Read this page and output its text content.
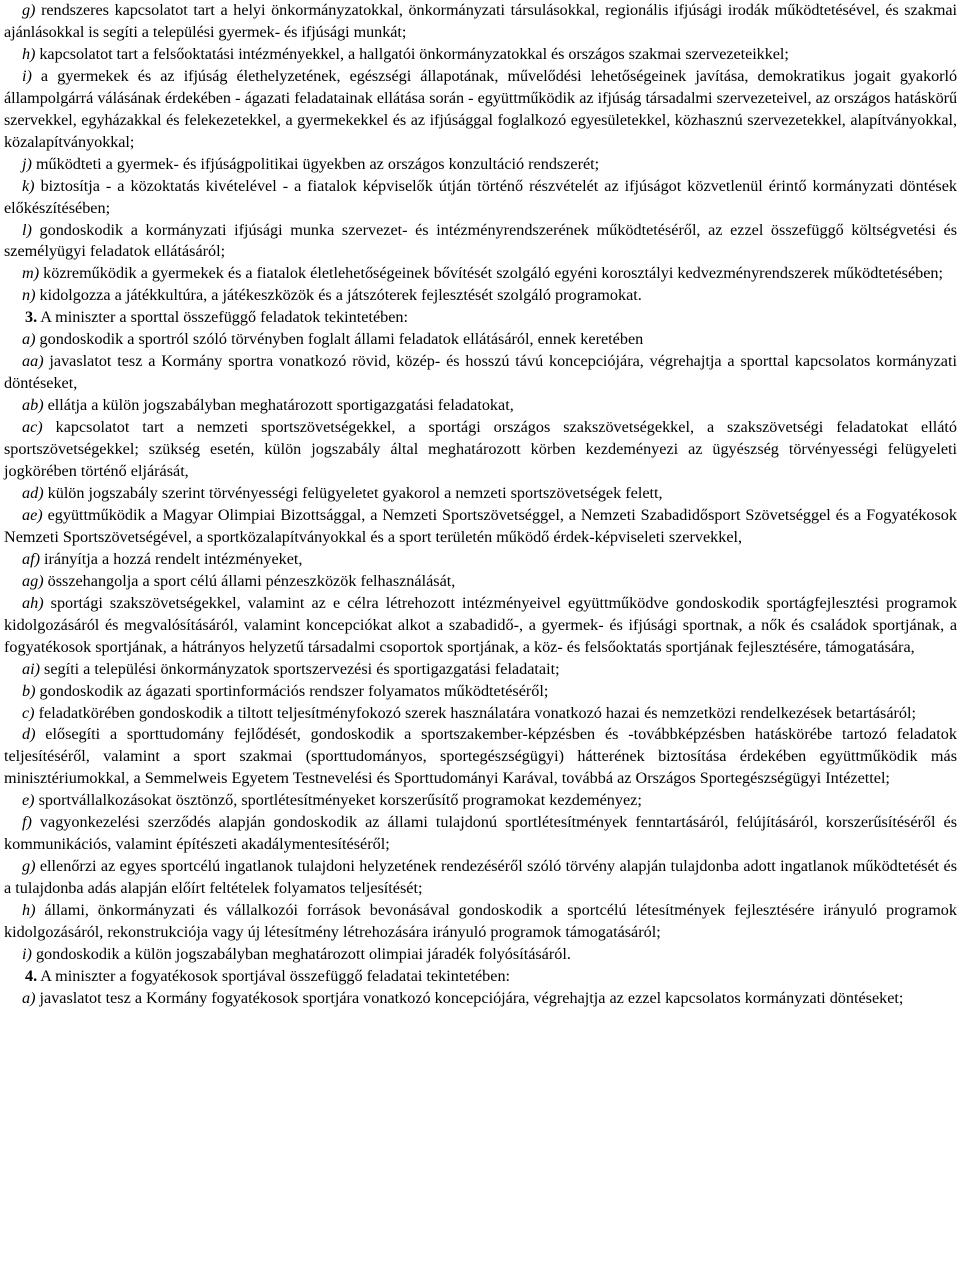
g) rendszeres kapcsolatot tart a helyi önkormányzatokkal, önkormányzati társulásokkal, regionális ifjúsági irodák működtetésével, és szakmai ajánlásokkal is segíti a települési gyermek- és ifjúsági munkát;

h) kapcsolatot tart a felsőoktatási intézményekkel, a hallgatói önkormányzatokkal és országos szakmai szervezeteikkel;

i) a gyermekek és az ifjúság élethelyzetének, egészségi állapotának, művelődési lehetőségeinek javítása, demokratikus jogait gyakorló állampolgárrá válásának érdekében - ágazati feladatainak ellátása során - együttműködik az ifjúság társadalmi szervezeteivel, az országos hatáskörű szervekkel, egyházakkal és felekezetekkel, a gyermekekkel és az ifjúsággal foglalkozó egyesületekkel, közhasznú szervezetekkel, alapítványokkal, közalapítványokkal;

j) működteti a gyermek- és ifjúságpolitikai ügyekben az országos konzultáció rendszerét;

k) biztosítja - a közoktatás kivételével - a fiatalok képviselők útján történő részvételét az ifjúságot közvetlenül érintő kormányzati döntések előkészítésében;

l) gondoskodik a kormányzati ifjúsági munka szervezet- és intézményrendszerének működtetéséről, az ezzel összefüggő költségvetési és személyügyi feladatok ellátásáról;

m) közreműködik a gyermekek és a fiatalok életlehetőségeinek bővítését szolgáló egyéni korosztályi kedvezményrendszerek működtetésében;

n) kidolgozza a játékkultúra, a játékeszközök és a játszóterek fejlesztését szolgáló programokat.

3. A miniszter a sporttal összefüggő feladatok tekintetében:

a) gondoskodik a sportról szóló törvényben foglalt állami feladatok ellátásáról, ennek keretében

aa) javaslatot tesz a Kormány sportra vonatkozó rövid, közép- és hosszú távú koncepciójára, végrehajtja a sporttal kapcsolatos kormányzati döntéseket,

ab) ellátja a külön jogszabályban meghatározott sportigazgatási feladatokat,

ac) kapcsolatot tart a nemzeti sportszövetségekkel, a sportági országos szakszövetségekkel, a szakszövetségi feladatokat ellátó sportszövetségekkel; szükség esetén, külön jogszabály által meghatározott körben kezdeményezi az ügyészség törvényességi felügyeleti jogkörében történő eljárását,

ad) külön jogszabály szerint törvényességi felügyeletet gyakorol a nemzeti sportszövetségek felett,

ae) együttműködik a Magyar Olimpiai Bizottsággal, a Nemzeti Sportszövetséggel, a Nemzeti Szabadidősport Szövetséggel és a Fogyatékosok Nemzeti Sportszövetségével, a sportközalapítványokkal és a sport területén működő érdek-képviseleti szervekkel,

af) irányítja a hozzá rendelt intézményeket,

ag) összehangolja a sport célú állami pénzeszközök felhasználását,

ah) sportági szakszövetségekkel, valamint az e célra létrehozott intézményeivel együttműködve gondoskodik sportágfejlesztési programok kidolgozásáról és megvalósításáról, valamint koncepciókat alkot a szabadidő-, a gyermek- és ifjúsági sportnak, a nők és családok sportjának, a fogyatékosok sportjának, a hátrányos helyzetű társadalmi csoportok sportjának, a köz- és felsőoktatás sportjának fejlesztésére, támogatására,

ai) segíti a települési önkormányzatok sportszervezési és sportigazgatási feladatait;

b) gondoskodik az ágazati sportinformációs rendszer folyamatos működtetéséről;

c) feladatkörében gondoskodik a tiltott teljesítményfokozó szerek használatára vonatkozó hazai és nemzetközi rendelkezések betartásáról;

d) elősegíti a sporttudomány fejlődését, gondoskodik a sportszakember-képzésben és -továbbképzésben hatáskörébe tartozó feladatok teljesítéséről, valamint a sport szakmai (sporttudományos, sportegészségügyi) hátterének biztosítása érdekében együttműködik más minisztériumokkal, a Semmelweis Egyetem Testnevelési és Sporttudományi Karával, továbbá az Országos Sportegészségügyi Intézettel;

e) sportvállalkozásokat ösztönző, sportlétesítményeket korszerűsítő programokat kezdeményez;

f) vagyonkezelési szerződés alapján gondoskodik az állami tulajdonú sportlétesítmények fenntartásáról, felújításáról, korszerűsítéséről és kommunikációs, valamint építészeti akadálymentesítéséről;

g) ellenőrzi az egyes sportcélú ingatlanok tulajdoni helyzetének rendezéséről szóló törvény alapján tulajdonba adott ingatlanok működtetését és a tulajdonba adás alapján előírt feltételek folyamatos teljesítését;

h) állami, önkormányzati és vállalkozói források bevonásával gondoskodik a sportcélú létesítmények fejlesztésére irányuló programok kidolgozásáról, rekonstrukciója vagy új létesítmény létrehozására irányuló programok támogatásáról;

i) gondoskodik a külön jogszabályban meghatározott olimpiai járadék folyósításáról.

4. A miniszter a fogyatékosok sportjával összefüggő feladatai tekintetében:

a) javaslatot tesz a Kormány fogyatékosok sportjára vonatkozó koncepciójára, végrehajtja az ezzel kapcsolatos kormányzati döntéseket;
